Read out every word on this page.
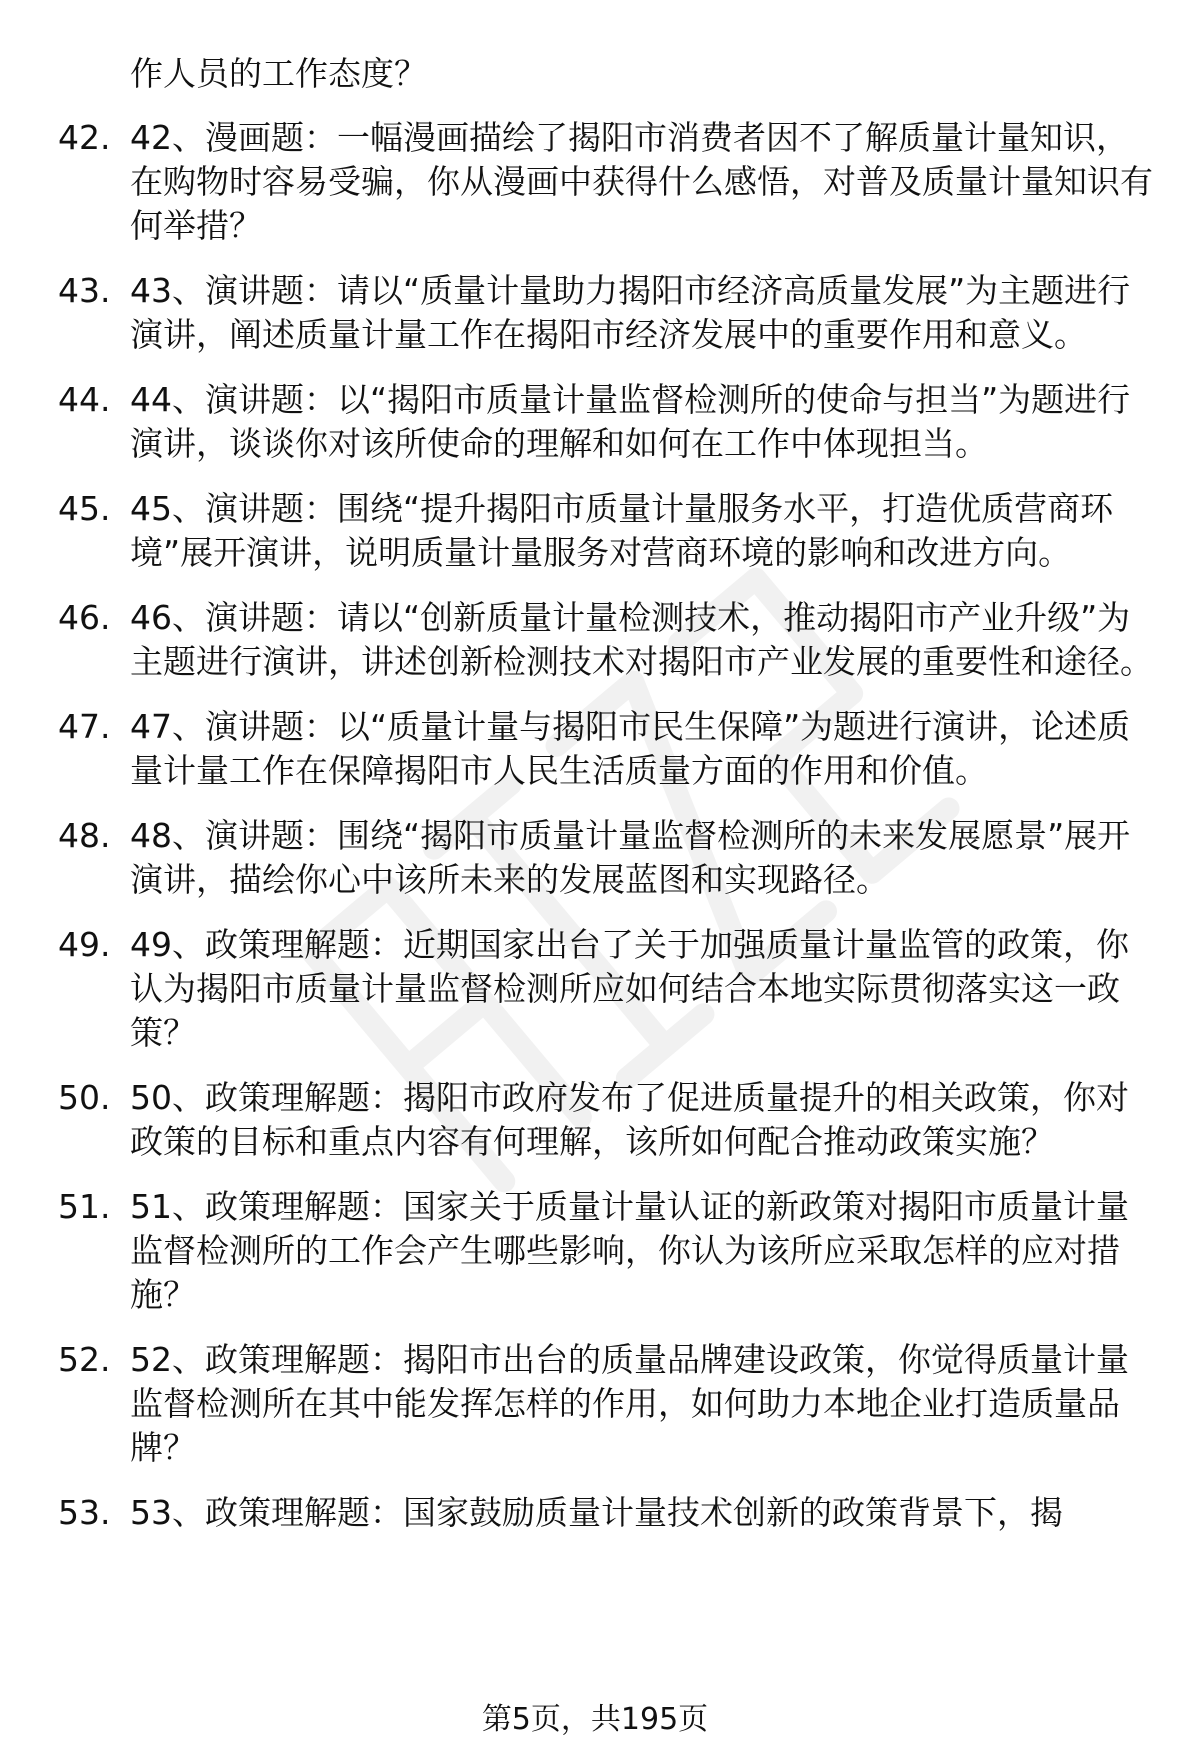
作人员的工作态度？

42. 42、漫画题：一幅漫画描绘了揭阳市消费者因不了解质量计量知识，在购物时容易受骗，你从漫画中获得什么感悟，对普及质量计量知识有何举措？
43. 43、演讲题：请以“质量计量助力揭阳市经济高质量发展”为主题进行演讲，阐述质量计量工作在揭阳市经济发展中的重要作用和意义。
44. 44、演讲题：以“揭阳市质量计量监督检测所的使命与担当”为题进行演讲，谈谈你对该所使命的理解和如何在工作中体现担当。
45. 45、演讲题：围绕“提升揭阳市质量计量服务水平，打造优质营商环境”展开演讲，说明质量计量服务对营商环境的影响和改进方向。
46. 46、演讲题：请以“创新质量计量检测技术，推动揭阳市产业升级”为主题进行演讲，讲述创新检测技术对揭阳市产业发展的重要性和途径。
47. 47、演讲题：以“质量计量与揭阳市民生保障”为题进行演讲，论述质量计量工作在保障揭阳市人民生活质量方面的作用和价值。
48. 48、演讲题：围绕“揭阳市质量计量监督检测所的未来发展愿景”展开演讲，描绘你心中该所未来的发展蓝图和实现路径。
49. 49、政策理解题：近期国家出台了关于加强质量计量监管的政策，你认为揭阳市质量计量监督检测所应如何结合本地实际贯彻落实这一政策？
50. 50、政策理解题：揭阳市政府发布了促进质量提升的相关政策，你对政策的目标和重点内容有何理解，该所如何配合推动政策实施？
51. 51、政策理解题：国家关于质量计量认证的新政策对揭阳市质量计量监督检测所的工作会产生哪些影响，你认为该所应采取怎样的应对措施？
52. 52、政策理解题：揭阳市出台的质量品牌建设政策，你觉得质量计量监督检测所在其中能发挥怎样的作用，如何助力本地企业打造质量品牌？
53. 53、政策理解题：国家鼓励质量计量技术创新的政策背景下，揭
第5页，共195页
